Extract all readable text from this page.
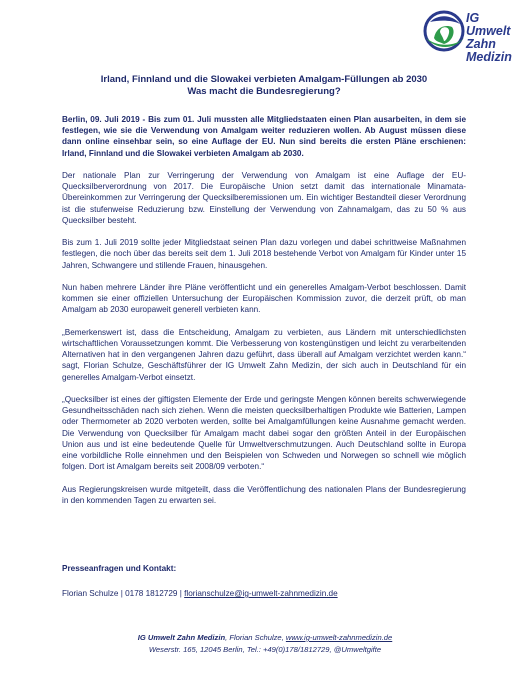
IG
Umwelt
Zahn
Medizin
Irland, Finnland und die Slowakei verbieten Amalgam-Füllungen ab 2030
Was macht die Bundesregierung?

Berlin, 09. Juli 2019 - Bis zum 01. Juli mussten alle Mitgliedstaaten einen Plan ausarbeiten, in dem sie festlegen, wie sie die Verwendung von Amalgam weiter reduzieren wollen. Ab August müssen diese dann online einsehbar sein, so eine Auflage der EU. Nun sind bereits die ersten Pläne erschienen: Irland, Finnland und die Slowakei verbieten Amalgam ab 2030.

Der nationale Plan zur Verringerung der Verwendung von Amalgam ist eine Auflage der EU-Quecksilberverordnung von 2017. Die Europäische Union setzt damit das internationale Minamata-Übereinkommen zur Verringerung der Quecksilberemissionen um. Ein wichtiger Bestandteil dieser Verordnung ist die stufenweise Reduzierung bzw. Einstellung der Verwendung von Zahnamalgam, das zu 50 % aus Quecksilber besteht.

Bis zum 1. Juli 2019 sollte jeder Mitgliedstaat seinen Plan dazu vorlegen und dabei schrittweise Maßnahmen festlegen, die noch über das bereits seit dem 1. Juli 2018 bestehende Verbot von Amalgam für Kinder unter 15 Jahren, Schwangere und stillende Frauen, hinausgehen.

Nun haben mehrere Länder ihre Pläne veröffentlicht und ein generelles Amalgam-Verbot beschlossen. Damit kommen sie einer offiziellen Untersuchung der Europäischen Kommission zuvor, die derzeit prüft, ob man Amalgam ab 2030 europaweit generell verbieten kann.

„Bemerkenswert ist, dass die Entscheidung, Amalgam zu verbieten, aus Ländern mit unterschiedlichsten wirtschaftlichen Voraussetzungen kommt. Die Verbesserung von kostengünstigen und leicht zu verarbeitenden Alternativen hat in den vergangenen Jahren dazu geführt, dass überall auf Amalgam verzichtet werden kann.“ sagt, Florian Schulze, Geschäftsführer der IG Umwelt Zahn Medizin, der sich auch in Deutschland für ein generelles Amalgam-Verbot einsetzt.

„Quecksilber ist eines der giftigsten Elemente der Erde und geringste Mengen können bereits schwerwiegende Gesundheitsschäden nach sich ziehen. Wenn die meisten quecksilberhaltigen Produkte wie Batterien, Lampen oder Thermometer ab 2020 verboten werden, sollte bei Amalgamfüllungen keine Ausnahme gemacht werden. Die Verwendung von Quecksilber für Amalgam macht dabei sogar den größten Anteil in der Europäischen Union aus und ist eine bedeutende Quelle für Umweltverschmutzungen. Auch Deutschland sollte in Europa eine vorbildliche Rolle einnehmen und den Beispielen von Schweden und Norwegen so schnell wie möglich folgen. Dort ist Amalgam bereits seit 2008/09 verboten.“

Aus Regierungskreisen wurde mitgeteilt, dass die Veröffentlichung des nationalen Plans der Bundesregierung in den kommenden Tagen zu erwarten sei.

Presseanfragen und Kontakt:
Florian Schulze | 0178 1812729 | florianschulze@ig-umwelt-zahnmedizin.de
IG Umwelt Zahn Medizin, Florian Schulze, www.ig-umwelt-zahnmedizin.de
Weserstr. 165, 12045 Berlin, Tel.: +49(0)178/1812729, @Umweltgifte
